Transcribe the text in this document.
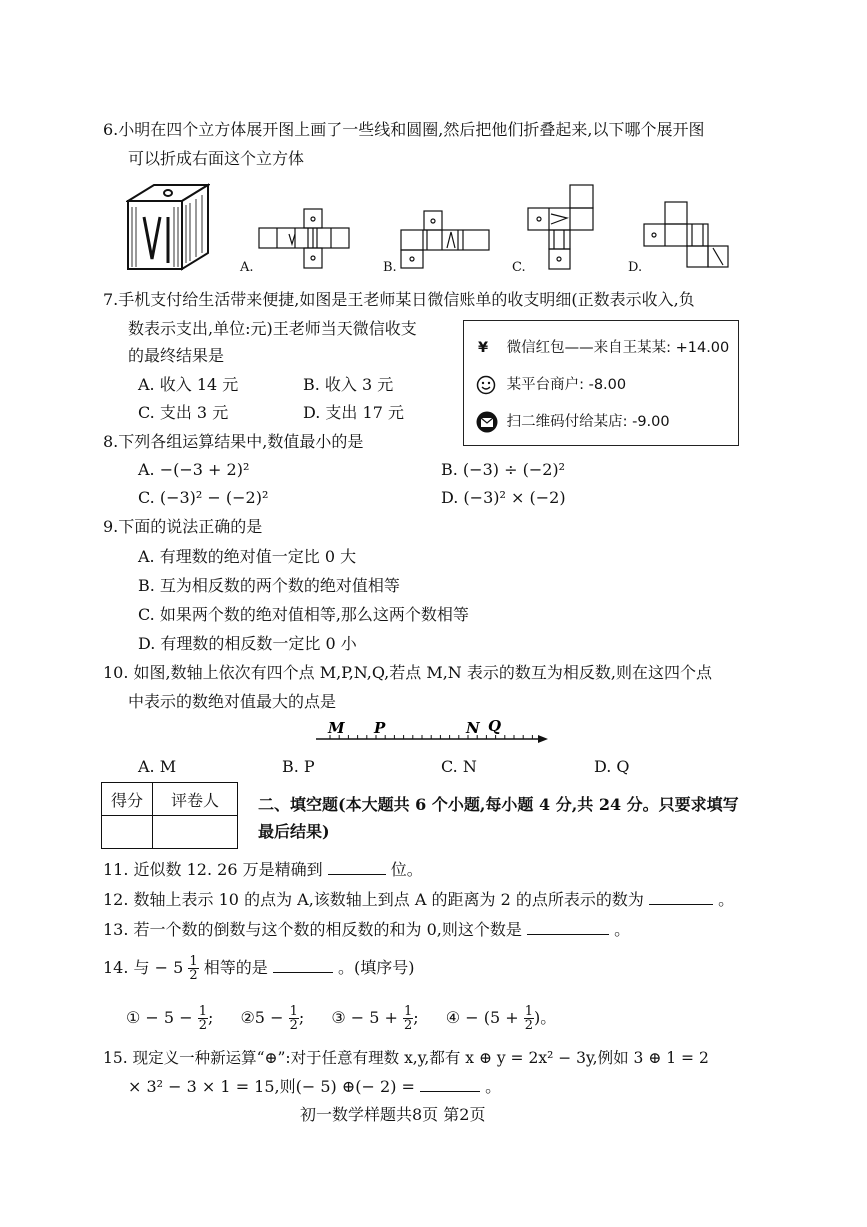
6.小明在四个立方体展开图上画了一些线和圆圈,然后把他们折叠起来,以下哪个展开图
可以折成右面这个立方体
A.	B.	C.	D.
7.手机支付给生活带来便捷,如图是王老师某日微信账单的收支明细(正数表示收入,负
数表示支出,单位:元)王老师当天微信收支
的最终结果是
A. 收入 14 元	B. 收入 3 元
C. 支出 3 元	D. 支出 17 元
¥ 微信红包——来自王某某: +14.00
某平台商户: -8.00
扫二维码付给某店: -9.00
8.下列各组运算结果中,数值最小的是
A. −(−3 + 2)²	B. (−3) ÷ (−2)²
C. (−3)² − (−2)²	D. (−3)² × (−2)
9.下面的说法正确的是
A. 有理数的绝对值一定比 0 大
B. 互为相反数的两个数的绝对值相等
C. 如果两个数的绝对值相等,那么这两个数相等
D. 有理数的相反数一定比 0 小
10. 如图,数轴上依次有四个点 M,P,N,Q,若点 M,N 表示的数互为相反数,则在这四个点
中表示的数绝对值最大的点是
M P	N Q
A. M	B. P	C. N	D. Q
得分	评卷人
	二、填空题(本大题共 6 个小题,每小题 4 分,共 24 分。只要求填写
最后结果)
11. 近似数 12. 26 万是精确到	位。
12. 数轴上表示 10 的点为 A,该数轴上到点 A 的距离为 2 的点所表示的数为	。
13. 若一个数的倒数与这个数的相反数的和为 0,则这个数是	。
14. 与 − $5 \frac{1}{2}$ 相等的是	。(填序号)
① − $5 - \frac{1}{2}$ ; ②5 − $\frac{1}{2}$ ; ③ − $5 + \frac{1}{2}$ ; ④ − ($5 + \frac{1}{2}$ )。
15. 现定义一种新运算“⊕”:对于任意有理数 x,y,都有 x ⊕ y = 2x² − 3y,例如 3 ⊕ 1 = 2
× 3² − 3 × 1 = 15,则(− 5) ⊕(− 2) =	。
初一数学样题共8页 第2页
